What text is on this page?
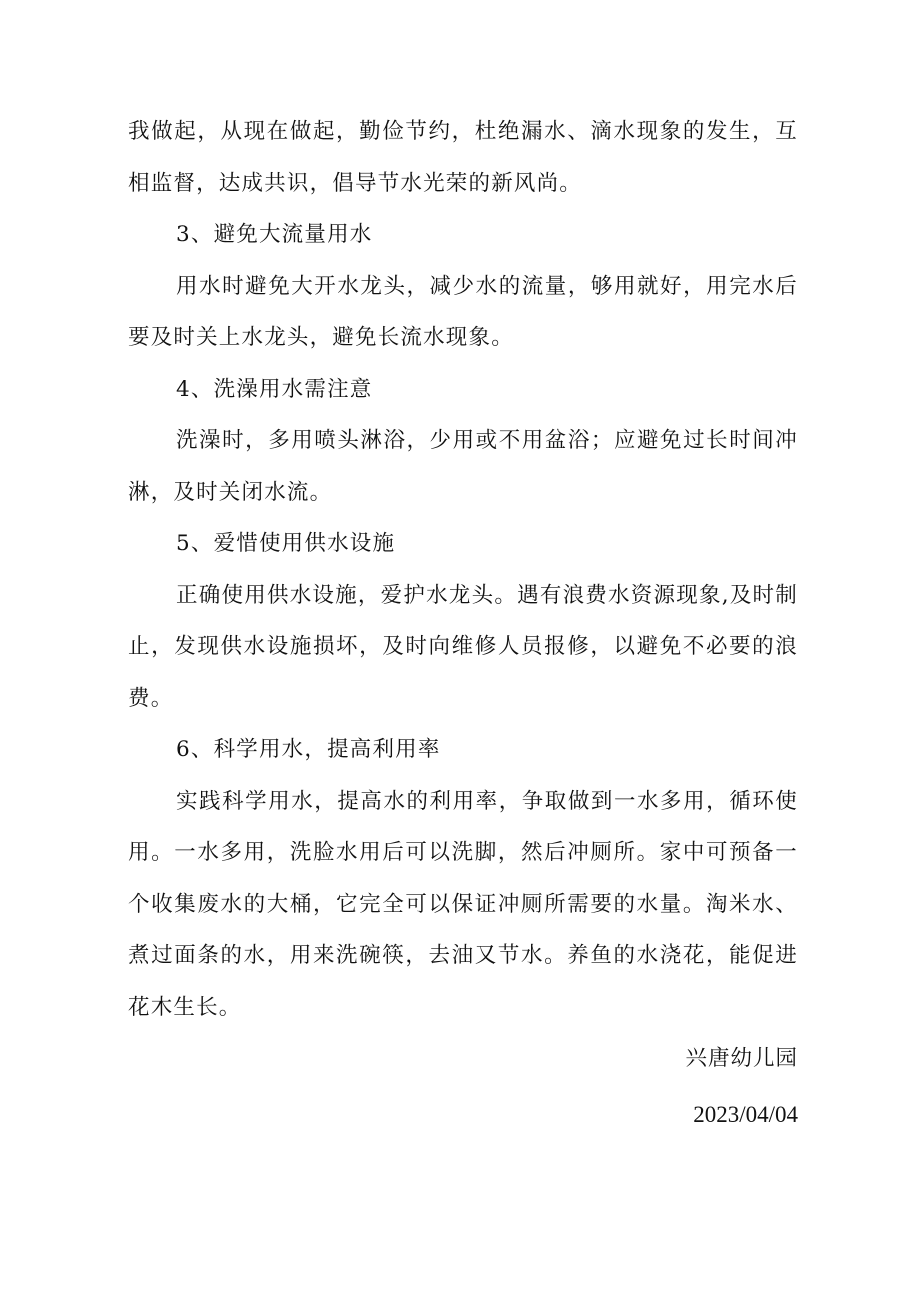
我做起，从现在做起，勤俭节约，杜绝漏水、滴水现象的发生，互相监督，达成共识，倡导节水光荣的新风尚。

3、避免大流量用水

用水时避免大开水龙头，减少水的流量，够用就好，用完水后要及时关上水龙头，避免长流水现象。

4、洗澡用水需注意

洗澡时，多用喷头淋浴，少用或不用盆浴；应避免过长时间冲淋，及时关闭水流。

5、爱惜使用供水设施

正确使用供水设施，爱护水龙头。遇有浪费水资源现象,及时制止，发现供水设施损坏，及时向维修人员报修，以避免不必要的浪费。

6、科学用水，提高利用率

实践科学用水，提高水的利用率，争取做到一水多用，循环使用。一水多用，洗脸水用后可以洗脚，然后冲厕所。家中可预备一个收集废水的大桶，它完全可以保证冲厕所需要的水量。淘米水、煮过面条的水，用来洗碗筷，去油又节水。养鱼的水浇花，能促进花木生长。

兴唐幼儿园

2023/04/04
